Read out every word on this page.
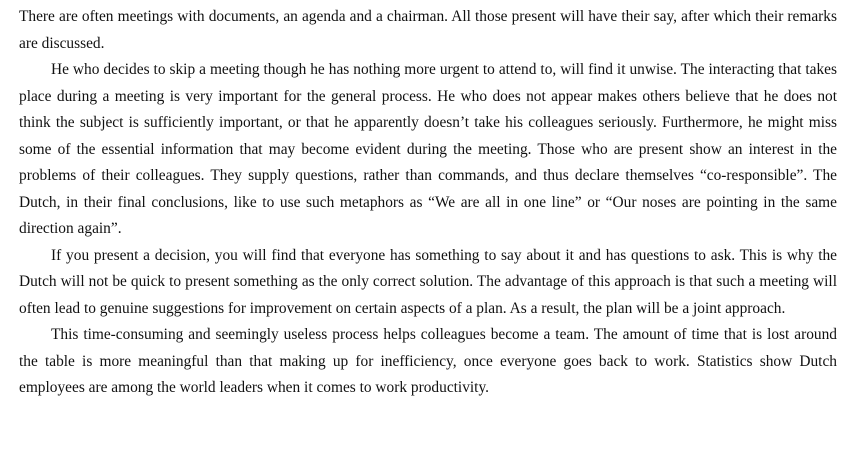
There are often meetings with documents, an agenda and a chairman. All those present will have their say, after which their remarks are discussed.

He who decides to skip a meeting though he has nothing more urgent to attend to, will find it unwise. The interacting that takes place during a meeting is very important for the general process. He who does not appear makes others believe that he does not think the subject is sufficiently important, or that he apparently doesn’t take his colleagues seriously. Furthermore, he might miss some of the essential information that may become evident during the meeting. Those who are present show an interest in the problems of their colleagues. They supply questions, rather than commands, and thus declare themselves “co-responsible”. The Dutch, in their final conclusions, like to use such metaphors as “We are all in one line” or “Our noses are pointing in the same direction again”.

If you present a decision, you will find that everyone has something to say about it and has questions to ask. This is why the Dutch will not be quick to present something as the only correct solution. The advantage of this approach is that such a meeting will often lead to genuine suggestions for improvement on certain aspects of a plan. As a result, the plan will be a joint approach.

This time-consuming and seemingly useless process helps colleagues become a team. The amount of time that is lost around the table is more meaningful than that making up for inefficiency, once everyone goes back to work. Statistics show Dutch employees are among the world leaders when it comes to work productivity.
